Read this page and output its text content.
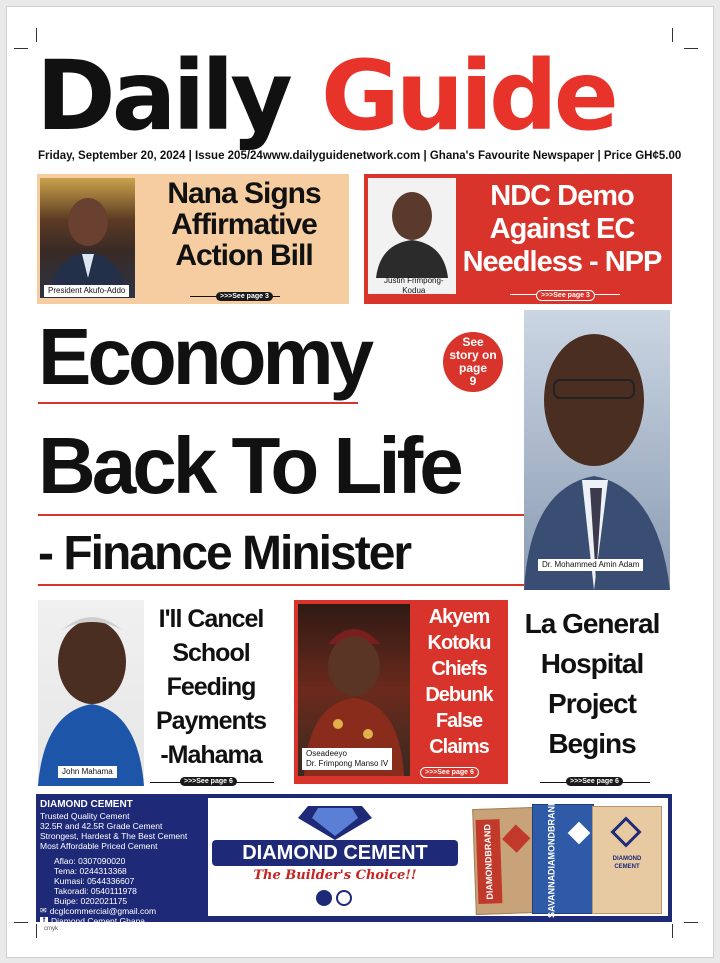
Daily Guide
Friday, September 20, 2024 | Issue 205/24 www.dailyguidenetwork.com | Ghana's Favourite Newspaper | Price GH¢5.00
President Akufo-Addo
Nana Signs Affirmative Action Bill
>>>See page 3
Justin Frimpong-
Kodua
NDC Demo Against EC Needless - NPP
>>>See page 3
Economy	See
story on
page
9
Back To Life
- Finance Minister	Dr. Mohammed Amin Adam
John Mahama
I'll Cancel
School
Feeding
Payments
-Mahama
>>>See page 6
Oseadeeyo
Dr. Frimpong Manso IV
Akyem
Kotoku
Chiefs
Debunk
False
Claims
>>>See page 6
La General
Hospital
Project
Begins
>>>See page 6
DIAMOND CEMENT
Trusted Quality Cement
32.5R and 42.5R Grade Cement
Strongest, Hardest & The Best Cement
Most Affordable Priced Cement
Aflao: 0307090020
Tema: 0244313368
Kumasi: 0544336607
Takoradi: 0540111978
Buipe: 0202021175
✉ dcglcommercial@gmail.com
f Diamond Cement Ghana
DIAMOND CEMENT
The Builder's Choice!!	DIAMOND
BRAND
SAVANNA
DIAMOND
BRAND
DIAMOND
CEMENT
cmyk
